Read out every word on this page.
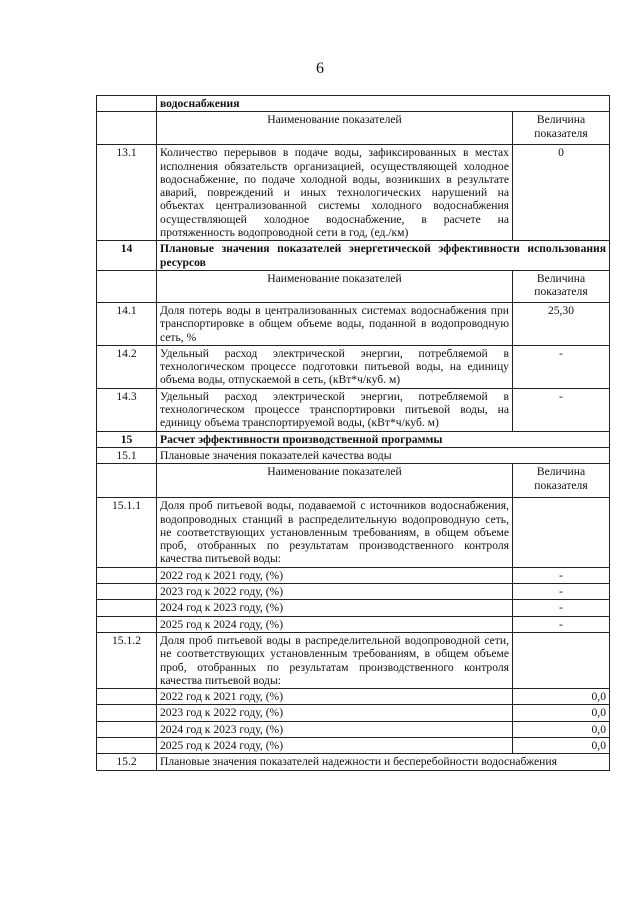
6
	водоснабжения	
	Наименование показателей	Величина показателя
13.1	Количество перерывов в подаче воды, зафиксированных в местах исполнения обязательств организацией, осуществляющей холодное водоснабжение, по подаче холодной воды, возникших в результате аварий, повреждений и иных технологических нарушений на объектах централизованной системы холодного водоснабжения осуществляющей холодное водоснабжение, в расчете на протяженность водопроводной сети в год, (ед./км)	0
14	Плановые значения показателей энергетической эффективности использования ресурсов	
	Наименование показателей	Величина показателя
14.1	Доля потерь воды в централизованных системах водоснабжения при транспортировке в общем объеме воды, поданной в водопроводную сеть, %	25,30
14.2	Удельный расход электрической энергии, потребляемой в технологическом процессе подготовки питьевой воды, на единицу объема воды, отпускаемой в сеть, (кВт*ч/куб. м)	-
14.3	Удельный расход электрической энергии, потребляемой в технологическом процессе транспортировки питьевой воды, на единицу объема транспортируемой воды, (кВт*ч/куб. м)	-
15	Расчет эффективности производственной программы	
15.1	Плановые значения показателей качества воды	
	Наименование показателей	Величина показателя
15.1.1	Доля проб питьевой воды, подаваемой с источников водоснабжения, водопроводных станций в распределительную водопроводную сеть, не соответствующих установленным требованиям, в общем объеме проб, отобранных по результатам производственного контроля качества питьевой воды:	
	2022 год к 2021 году, (%)	-
	2023 год к 2022 году, (%)	-
	2024 год к 2023 году, (%)	-
	2025 год к 2024 году, (%)	-
15.1.2	Доля проб питьевой воды в распределительной водопроводной сети, не соответствующих установленным требованиям, в общем объеме проб, отобранных по результатам производственного контроля качества питьевой воды:	
	2022 год к 2021 году, (%)	0,0
	2023 год к 2022 году, (%)	0,0
	2024 год к 2023 году, (%)	0,0
	2025 год к 2024 году, (%)	0,0
15.2	Плановые значения показателей надежности и бесперебойности водоснабжения	
